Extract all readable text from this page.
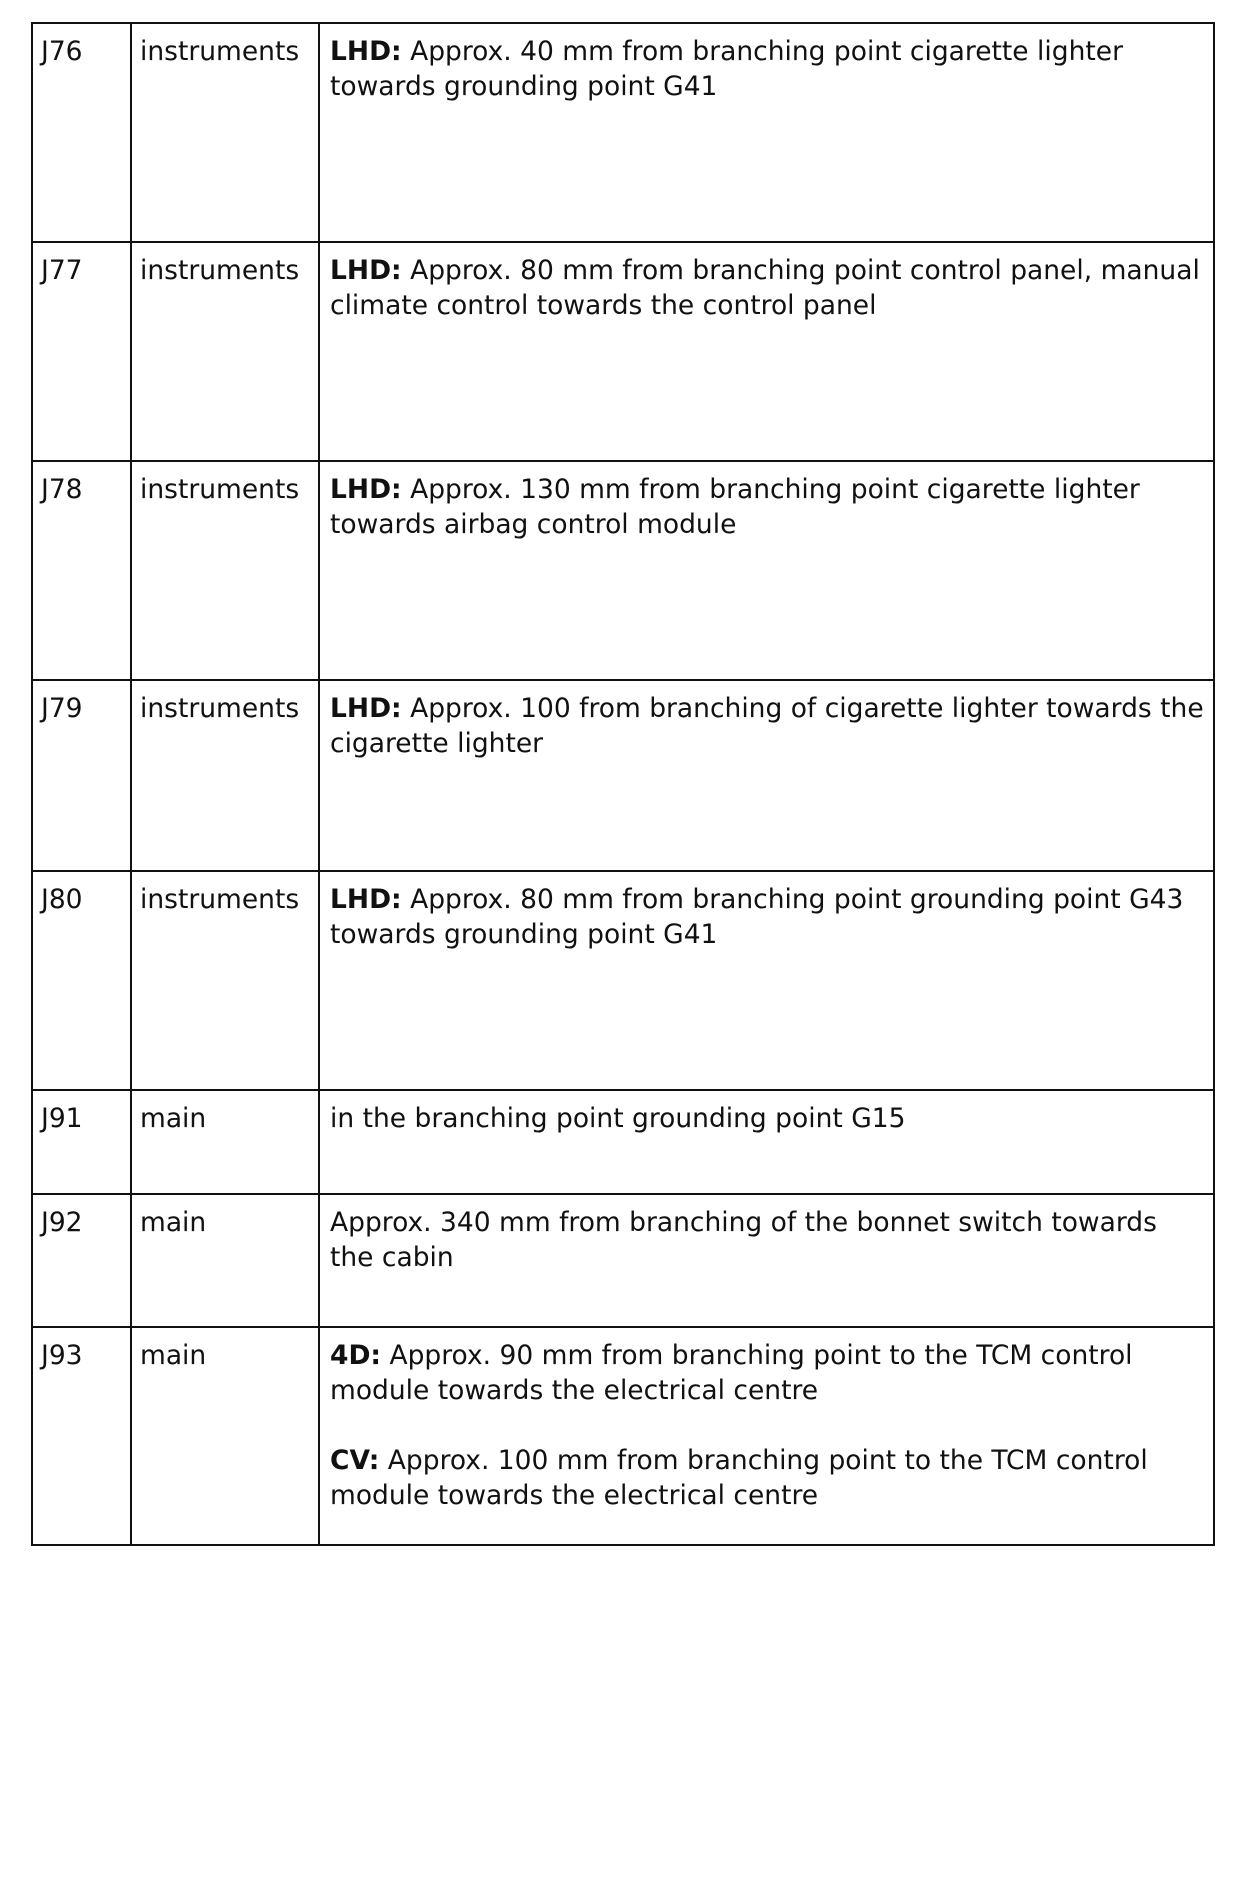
J76	instruments	LHD: Approx. 40 mm from branching point cigarette lighter towards grounding point G41

J77	instruments	LHD: Approx. 80 mm from branching point control panel, manual climate control towards the control panel

J78	instruments	LHD: Approx. 130 mm from branching point cigarette lighter towards airbag control module

J79	instruments	LHD: Approx. 100 from branching of cigarette lighter towards the cigarette lighter

J80	instruments	LHD: Approx. 80 mm from branching point grounding point G43 towards grounding point G41

J91	main	in the branching point grounding point G15

J92	main	Approx. 340 mm from branching of the bonnet switch towards the cabin

J93	main	4D: Approx. 90 mm from branching point to the TCM control module towards the electrical centre

CV: Approx. 100 mm from branching point to the TCM control module towards the electrical centre
